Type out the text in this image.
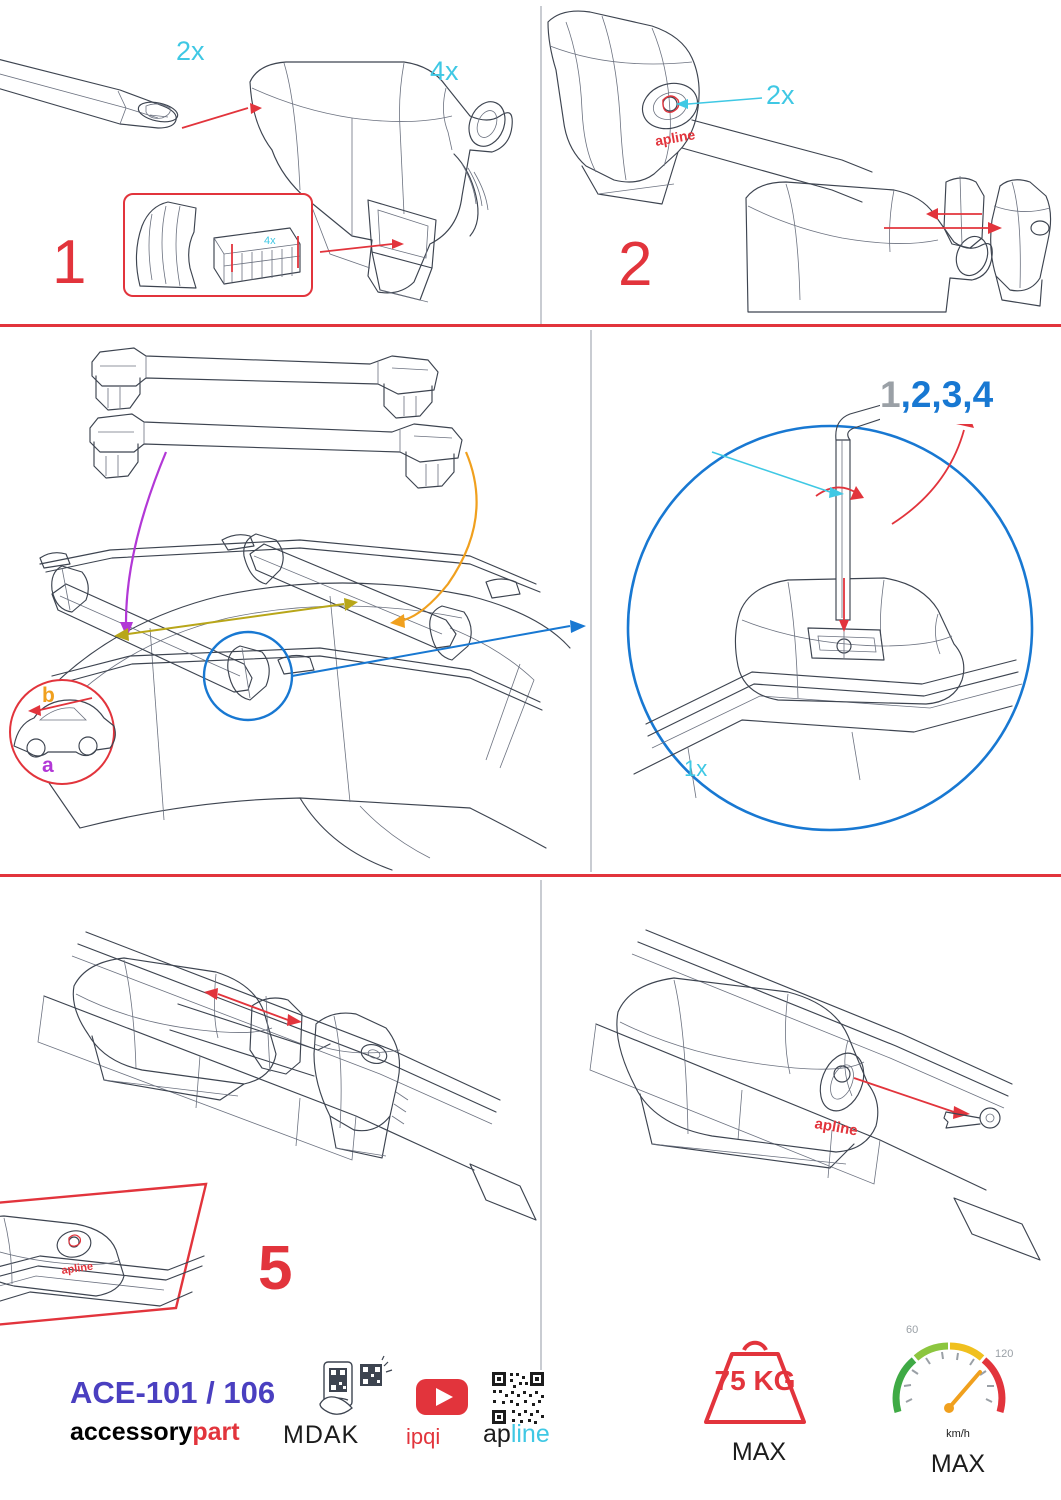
4x
2x
4x
1
apline
2x
2
b
a	1x
1,2,3,4
apline	5
apline
ACE-101 / 106
accessorypart MDAK ipqi apline
75 KG
MAX
60
120
km/h
MAX
